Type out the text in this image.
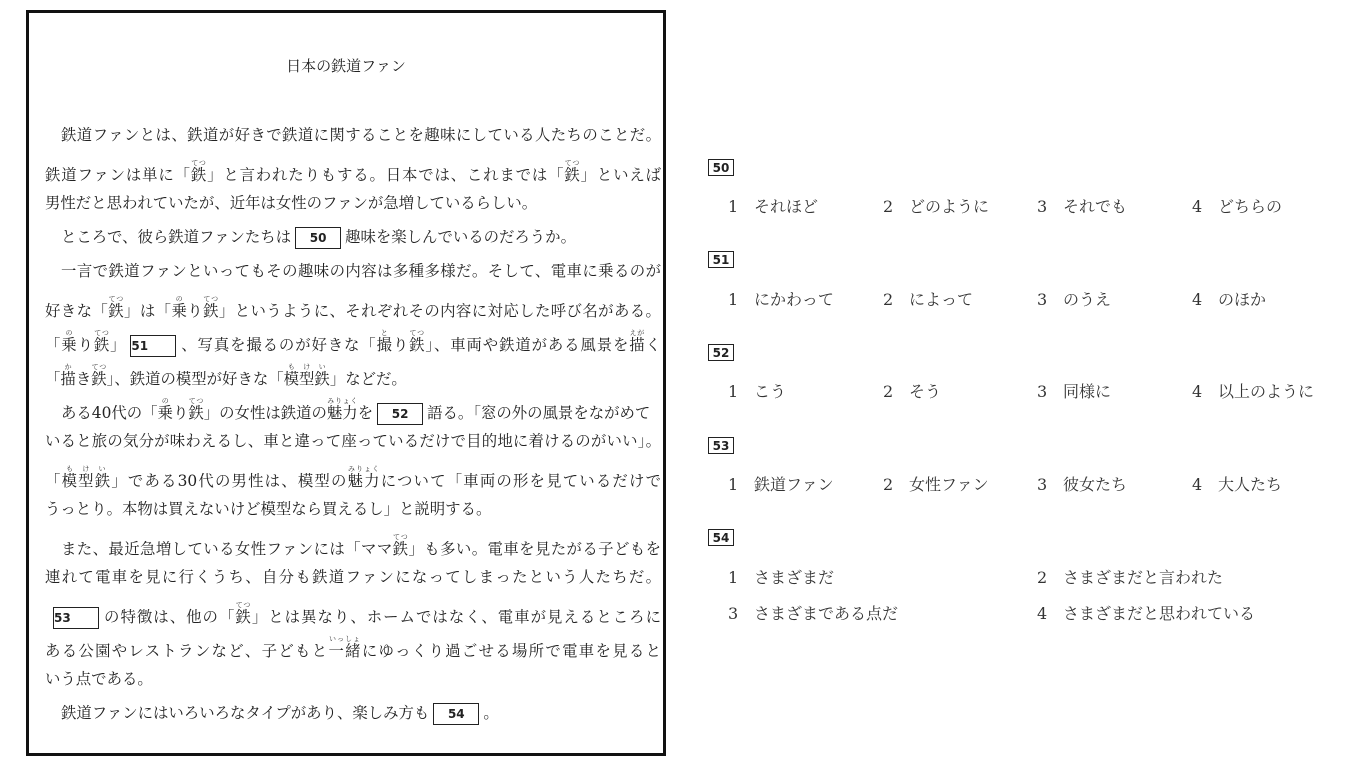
日本の鉄道ファン
鉄道ファンとは、鉄道が好きで鉄道に関することを趣味にしている人たちのことだ。
鉄道ファンは単に「鉄てつ」と言われたりもする。日本では、これまでは「鉄てつ」といえば
男性だと思われていたが、近年は女性のファンが急増しているらしい。
ところで、彼ら鉄道ファンたちは 50 趣味を楽しんでいるのだろうか。
一言で鉄道ファンといってもその趣味の内容は多種多様だ。そして、電車に乗るのが
好きな「鉄てつ」は「乗のり鉄てつ」というように、それぞれその内容に対応した呼び名がある。
「乗のり鉄てつ」 51 、写真を撮るのが好きな「撮とり鉄てつ」、車両や鉄道がある風景を描えがく
「描かき鉄てつ」、鉄道の模型が好きな「模型鉄もけい」などだ。
ある40代の「乗のり鉄てつ」の女性は鉄道の魅力みりょくを 52 語る。「窓の外の風景をながめて
いると旅の気分が味わえるし、車と違って座っているだけで目的地に着けるのがいい」。
「模型鉄もけい」である30代の男性は、模型の魅力みりょくについて「車両の形を見ているだけで
うっとり。本物は買えないけど模型なら買えるし」と説明する。
また、最近急増している女性ファンには「ママ鉄てつ」も多い。電車を見たがる子どもを
連れて電車を見に行くうち、自分も鉄道ファンになってしまったという人たちだ。
53 の特徴は、他の「鉄てつ」とは異なり、ホームではなく、電車が見えるところに
ある公園やレストランなど、子どもと一緒いっしょにゆっくり過ごせる場所で電車を見ると
いう点である。
鉄道ファンにはいろいろなタイプがあり、楽しみ方も 54 。
50
1 それほど	2 どのように	3 それでも	4 どちらの
51
1 にかわって	2 によって	3 のうえ	4 のほか
52
1 こう	2 そう	3 同様に	4 以上のように
53
1 鉄道ファン	2 女性ファン	3 彼女たち	4 大人たち
54
1 さまざまだ	2 さまざまだと言われた
3 さまざまである点だ	4 さまざまだと思われている
